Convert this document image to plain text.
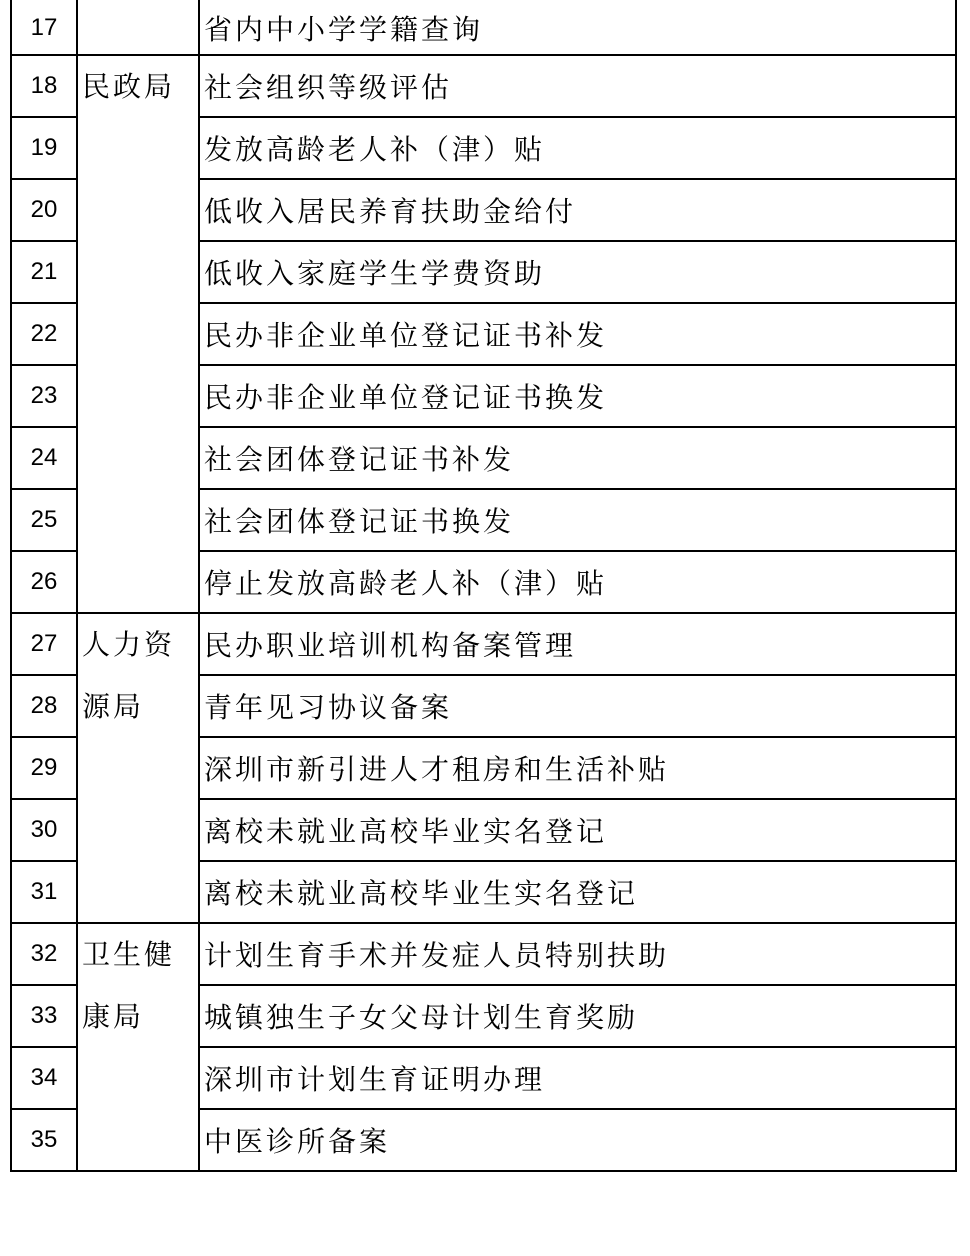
17		省内中小学学籍查询
18	民政局	社会组织等级评估
19		发放高龄老人补（津）贴
20		低收入居民养育扶助金给付
21		低收入家庭学生学费资助
22		民办非企业单位登记证书补发
23		民办非企业单位登记证书换发
24		社会团体登记证书补发
25		社会团体登记证书换发
26		停止发放高龄老人补（津）贴
27	人力资源局	民办职业培训机构备案管理
28		青年见习协议备案
29		深圳市新引进人才租房和生活补贴
30		离校未就业高校毕业实名登记
31		离校未就业高校毕业生实名登记
32	卫生健康局	计划生育手术并发症人员特别扶助
33		城镇独生子女父母计划生育奖励
34		深圳市计划生育证明办理
35		中医诊所备案
